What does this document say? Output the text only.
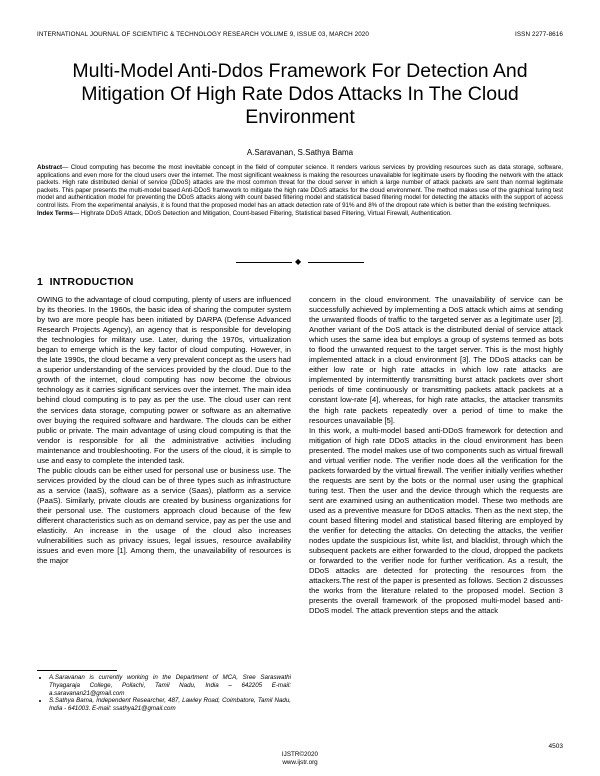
INTERNATIONAL JOURNAL OF SCIENTIFIC & TECHNOLOGY RESEARCH VOLUME 9, ISSUE 03, MARCH 2020	ISSN 2277-8616
Multi-Model Anti-Ddos Framework For Detection And Mitigation Of High Rate Ddos Attacks In The Cloud Environment
A.Saravanan, S.Sathya Bama
Abstract— Cloud computing has become the most inevitable concept in the field of computer science. It renders various services by providing resources such as data storage, software, applications and even more for the cloud users over the internet. The most significant weakness is making the resources unavailable for legitimate users by flooding the network with the attack packets. High rate distributed denial of service (DDoS) attacks are the most common threat for the cloud server in which a large number of attack packets are sent than normal legitimate packets. This paper presents the multi-model based Anti-DDoS framework to mitigate the high rate DDoS attacks for the cloud environment. The method makes use of the graphical turing test model and authentication model for preventing the DDoS attacks along with count based filtering model and statistical based filtering model for detecting the attacks with the support of access control lists. From the experimental analysis, it is found that the proposed model has an attack detection rate of 91% and 8% of the dropout rate which is better than the existing techniques.
Index Terms— Highrate DDoS Attack, DDoS Detection and Mitigation, Count-based Filtering, Statistical based Filtering, Virtual Firewall, Authentication.
◆
1 INTRODUCTION

OWING to the advantage of cloud computing, plenty of users are influenced by its theories. In the 1960s, the basic idea of sharing the computer system by two are more people has been initiated by DARPA (Defense Advanced Research Projects Agency), an agency that is responsible for developing the technologies for military use. Later, during the 1970s, virtualization began to emerge which is the key factor of cloud computing. However, in the late 1990s, the cloud became a very prevalent concept as the users had a superior understanding of the services provided by the cloud. Due to the growth of the internet, cloud computing has now become the obvious technology as it carries significant services over the internet. The main idea behind cloud computing is to pay as per the use. The cloud user can rent the services data storage, computing power or software as an alternative over buying the required software and hardware. The clouds can be either public or private. The main advantage of using cloud computing is that the vendor is responsible for all the administrative activities including maintenance and troubleshooting. For the users of the cloud, it is simple to use and easy to complete the intended task.

The public clouds can be either used for personal use or business use. The services provided by the cloud can be of three types such as infrastructure as a service (IaaS), software as a service (Saas), platform as a service (PaaS). Similarly, private clouds are created by business organizations for their personal use. The customers approach cloud because of the few different characteristics such as on demand service, pay as per the use and elasticity. An increase in the usage of the cloud also increases vulnerabilities such as privacy issues, legal issues, resource availability issues and even more [1]. Among them, the unavailability of resources is the major

concern in the cloud environment. The unavailability of service can be successfully achieved by implementing a DoS attack which aims at sending the unwanted floods of traffic to the targeted server as a legitimate user [2]. Another variant of the DoS attack is the distributed denial of service attack which uses the same idea but employs a group of systems termed as bots to flood the unwanted request to the target server. This is the most highly implemented attack in a cloud environment [3]. The DDoS attacks can be either low rate or high rate attacks in which low rate attacks are implemented by intermittently transmitting burst attack packets over short periods of time continuously or transmitting packets attack packets at a constant low-rate [4], whereas, for high rate attacks, the attacker transmits the high rate packets repeatedly over a period of time to make the resources unavailable [5].

In this work, a multi-model based anti-DDoS framework for detection and mitigation of high rate DDoS attacks in the cloud environment has been presented. The model makes use of two components such as virtual firewall and virtual verifier node. The verifier node does all the verification for the packets forwarded by the virtual firewall. The verifier initially verifies whether the requests are sent by the bots or the normal user using the graphical turing test. Then the user and the device through which the requests are sent are examined using an authentication model. These two methods are used as a preventive measure for DDoS attacks. Then as the next step, the count based filtering model and statistical based filtering are employed by the verifier for detecting the attacks. On detecting the attacks, the verifier nodes update the suspicious list, white list, and blacklist, through which the subsequent packets are either forwarded to the cloud, dropped the packets or forwarded to the verifier node for further verification. As a result, the DDoS attacks are detected for protecting the resources from the attackers.The rest of the paper is presented as follows. Section 2 discusses the works from the literature related to the proposed model. Section 3 presents the overall framework of the proposed multi-model based anti-DDoS model. The attack prevention steps and the attack

• A.Saravanan is currently working in the Department of MCA, Sree Saraswathi Thyagaraja College, Pollachi, Tamil Nadu, India – 642205 E-mail: a.saravanan21@gmail.com
• S.Sathya Bama, Independent Researcher, 487, Lawley Road, Coimbatore, Tamil Nadu, India - 641003. E-mail: ssathya21@gmail.com
4503
IJSTR©2020
www.ijstr.org
